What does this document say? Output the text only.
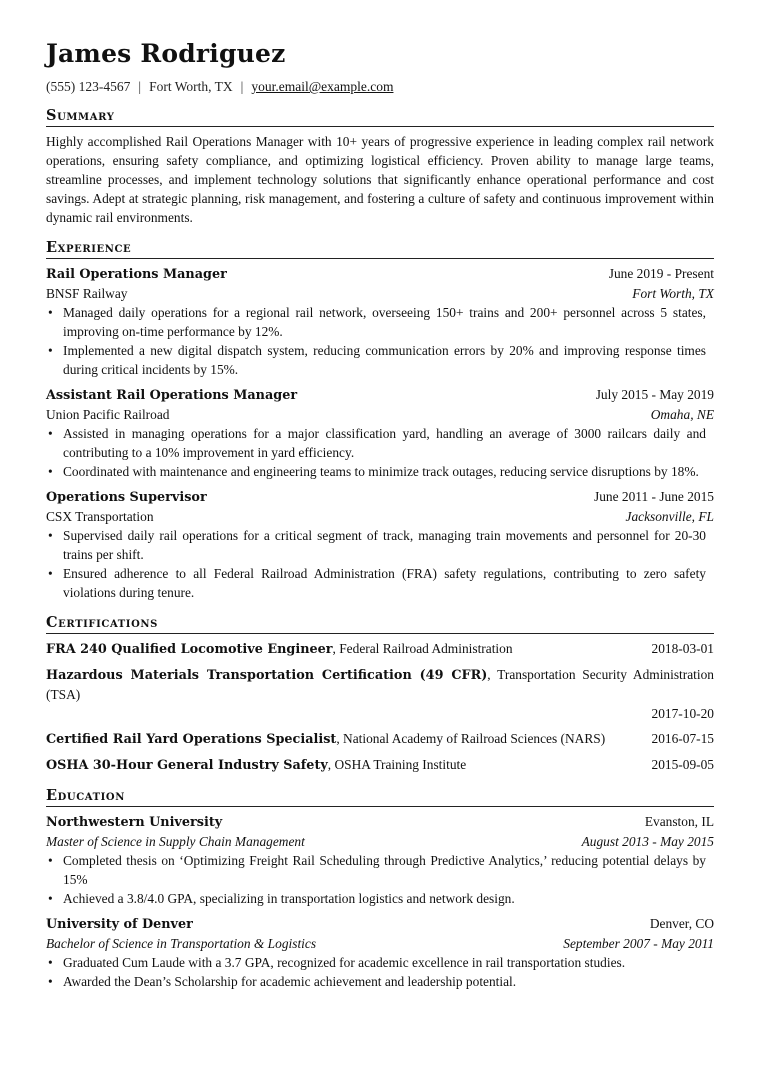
James Rodriguez
(555) 123-4567 | Fort Worth, TX | your.email@example.com
Summary
Highly accomplished Rail Operations Manager with 10+ years of progressive experience in leading complex rail network operations, ensuring safety compliance, and optimizing logistical efficiency. Proven ability to manage large teams, streamline processes, and implement technology solutions that significantly enhance operational performance and cost savings. Adept at strategic planning, risk management, and fostering a culture of safety and continuous improvement within dynamic rail environments.
Experience
Rail Operations Manager	June 2019 - Present
BNSF Railway	Fort Worth, TX
• Managed daily operations for a regional rail network, overseeing 150+ trains and 200+ personnel across 5 states, improving on-time performance by 12%.
• Implemented a new digital dispatch system, reducing communication errors by 20% and improving response times during critical incidents by 15%.
Assistant Rail Operations Manager	July 2015 - May 2019
Union Pacific Railroad	Omaha, NE
• Assisted in managing operations for a major classification yard, handling an average of 3000 railcars daily and contributing to a 10% improvement in yard efficiency.
• Coordinated with maintenance and engineering teams to minimize track outages, reducing service disruptions by 18%.
Operations Supervisor	June 2011 - June 2015
CSX Transportation	Jacksonville, FL
• Supervised daily rail operations for a critical segment of track, managing train movements and personnel for 20-30 trains per shift.
• Ensured adherence to all Federal Railroad Administration (FRA) safety regulations, contributing to zero safety violations during tenure.
Certifications
FRA 240 Qualified Locomotive Engineer, Federal Railroad Administration	2018-03-01
Hazardous Materials Transportation Certification (49 CFR), Transportation Security Administration (TSA)
2017-10-20
Certified Rail Yard Operations Specialist, National Academy of Railroad Sciences (NARS)	2016-07-15
OSHA 30-Hour General Industry Safety, OSHA Training Institute	2015-09-05
Education
Northwestern University	Evanston, IL
Master of Science in Supply Chain Management	August 2013 - May 2015
• Completed thesis on ‘Optimizing Freight Rail Scheduling through Predictive Analytics,’ reducing potential delays by 15%
• Achieved a 3.8/4.0 GPA, specializing in transportation logistics and network design.
University of Denver	Denver, CO
Bachelor of Science in Transportation & Logistics	September 2007 - May 2011
• Graduated Cum Laude with a 3.7 GPA, recognized for academic excellence in rail transportation studies.
• Awarded the Dean’s Scholarship for academic achievement and leadership potential.
